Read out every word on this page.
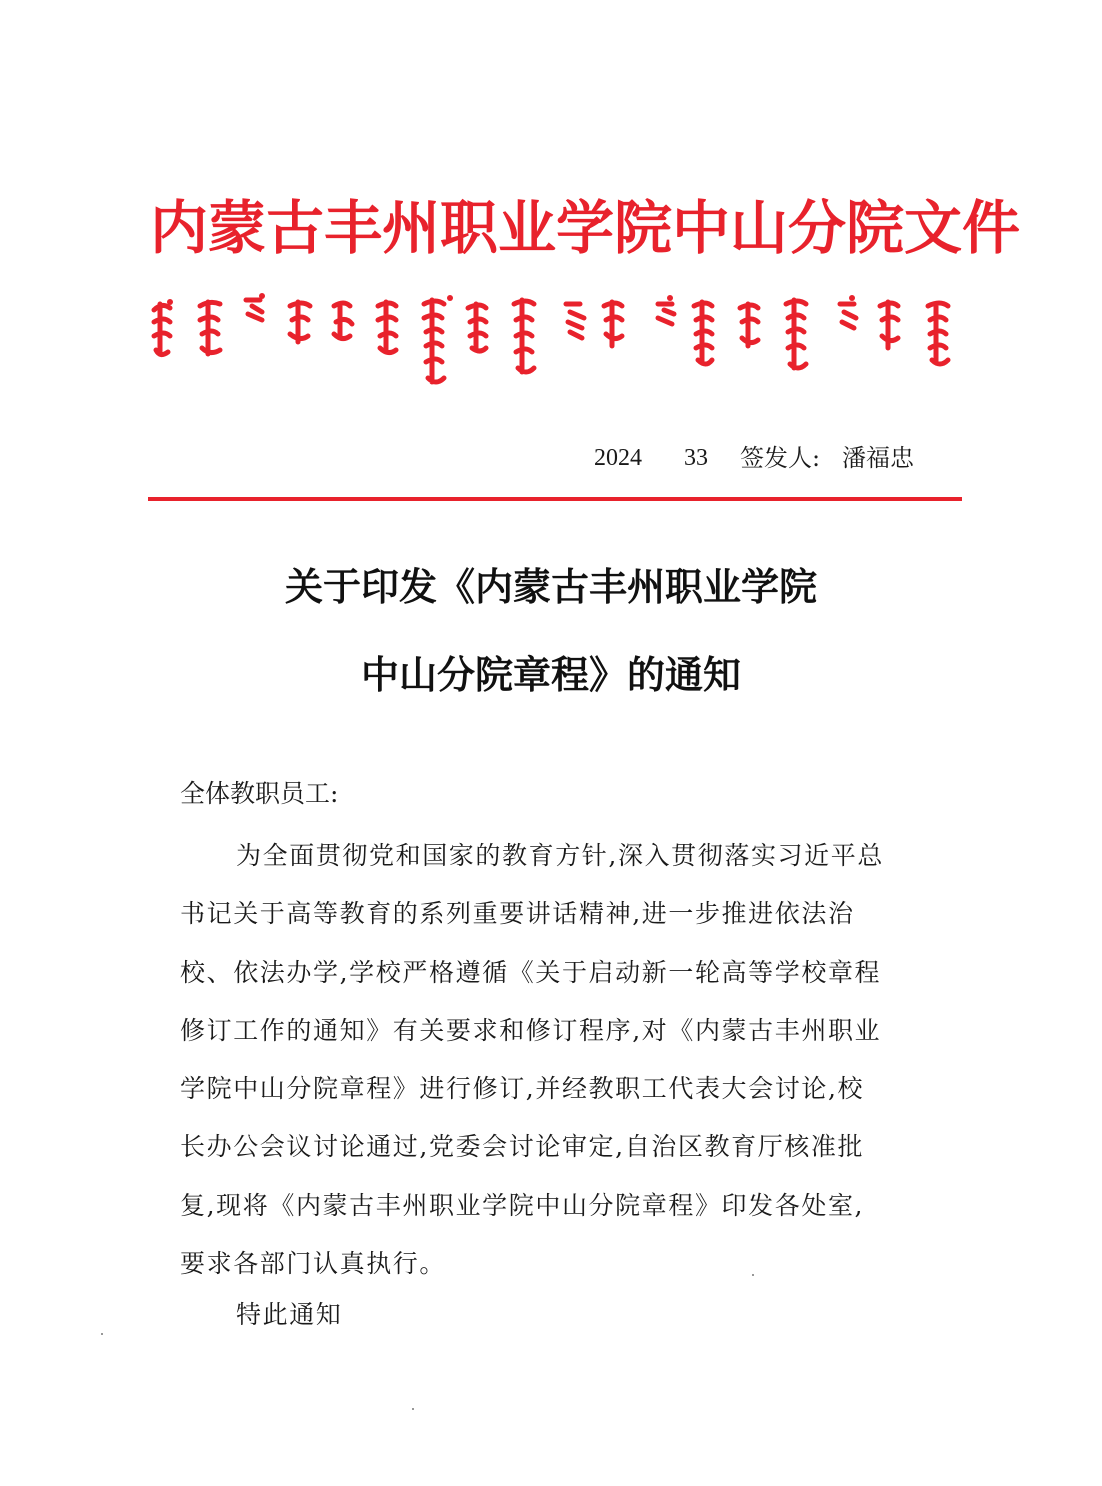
内蒙古丰州职业学院中山分院文件
2024 33 签发人: 潘福忠
关于印发《内蒙古丰州职业学院
中山分院章程》的通知
全体教职员工:
为全面贯彻党和国家的教育方针,深入贯彻落实习近平总
书记关于高等教育的系列重要讲话精神,进一步推进依法治
校、依法办学,学校严格遵循《关于启动新一轮高等学校章程
修订工作的通知》有关要求和修订程序,对《内蒙古丰州职业
学院中山分院章程》进行修订,并经教职工代表大会讨论,校
长办公会议讨论通过,党委会讨论审定,自治区教育厅核准批
复,现将《内蒙古丰州职业学院中山分院章程》印发各处室,
要求各部门认真执行。
特此通知
